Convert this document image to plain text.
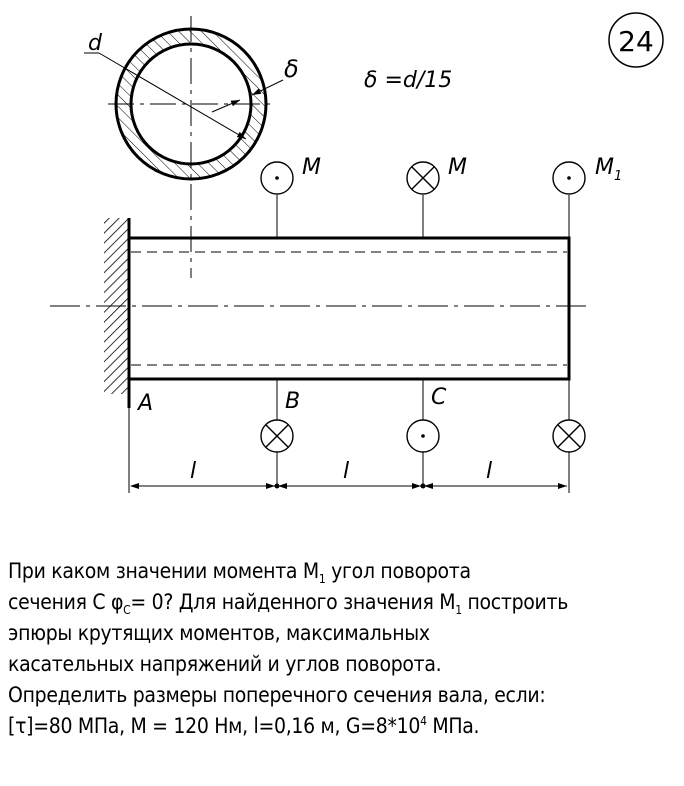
24
d
δ	δ =d/15
M	M	$M_1$
A	B	C
l	l	l
При каком значении момента $M_1$ угол поворота
сечения C $\varphi_C= 0$? Для найденного значения $M_1$ построить
эпюры крутящих моментов, максимальных
касательных напряжений и углов поворота.
Определить размеры поперечного сечения вала, если:
[τ]=80 МПа, M = 120 Нм, l=0,16 м, $G=8*10^4$ МПа.
